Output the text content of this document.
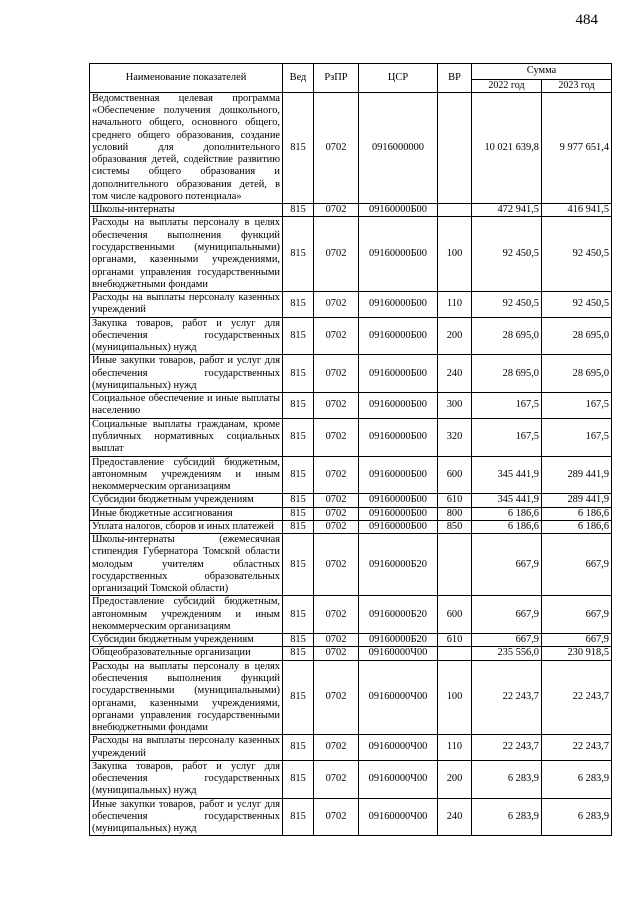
484
Наименование показателей	Вед	РзПР	ЦСР	ВР	Сумма	
					2022 год	2023 год
Ведомственная целевая программа «Обеспечение получения дошкольного, начального общего, основного общего, среднего общего образования, создание условий для дополнительного образования детей, содействие развитию системы общего образования и дополнительного образования детей, в том числе кадрового потенциала»	815	0702	0916000000		10 021 639,8	9 977 651,4
Школы-интернаты	815	0702	09160000Б00		472 941,5	416 941,5
Расходы на выплаты персоналу в целях обеспечения выполнения функций государственными (муниципальными) органами, казенными учреждениями, органами управления государственными внебюджетными фондами	815	0702	09160000Б00	100	92 450,5	92 450,5
Расходы на выплаты персоналу казенных учреждений	815	0702	09160000Б00	110	92 450,5	92 450,5
Закупка товаров, работ и услуг для обеспечения государственных (муниципальных) нужд	815	0702	09160000Б00	200	28 695,0	28 695,0
Иные закупки товаров, работ и услуг для обеспечения государственных (муниципальных) нужд	815	0702	09160000Б00	240	28 695,0	28 695,0
Социальное обеспечение и иные выплаты населению	815	0702	09160000Б00	300	167,5	167,5
Социальные выплаты гражданам, кроме публичных нормативных социальных выплат	815	0702	09160000Б00	320	167,5	167,5
Предоставление субсидий бюджетным, автономным учреждениям и иным некоммерческим организациям	815	0702	09160000Б00	600	345 441,9	289 441,9
Субсидии бюджетным учреждениям	815	0702	09160000Б00	610	345 441,9	289 441,9
Иные бюджетные ассигнования	815	0702	09160000Б00	800	6 186,6	6 186,6
Уплата налогов, сборов и иных платежей	815	0702	09160000Б00	850	6 186,6	6 186,6
Школы-интернаты (ежемесячная стипендия Губернатора Томской области молодым учителям областных государственных образовательных организаций Томской области)	815	0702	09160000Б20		667,9	667,9
Предоставление субсидий бюджетным, автономным учреждениям и иным некоммерческим организациям	815	0702	09160000Б20	600	667,9	667,9
Субсидии бюджетным учреждениям	815	0702	09160000Б20	610	667,9	667,9
Общеобразовательные организации	815	0702	09160000Ч00		235 556,0	230 918,5
Расходы на выплаты персоналу в целях обеспечения выполнения функций государственными (муниципальными) органами, казенными учреждениями, органами управления государственными внебюджетными фондами	815	0702	09160000Ч00	100	22 243,7	22 243,7
Расходы на выплаты персоналу казенных учреждений	815	0702	09160000Ч00	110	22 243,7	22 243,7
Закупка товаров, работ и услуг для обеспечения государственных (муниципальных) нужд	815	0702	09160000Ч00	200	6 283,9	6 283,9
Иные закупки товаров, работ и услуг для обеспечения государственных (муниципальных) нужд	815	0702	09160000Ч00	240	6 283,9	6 283,9
